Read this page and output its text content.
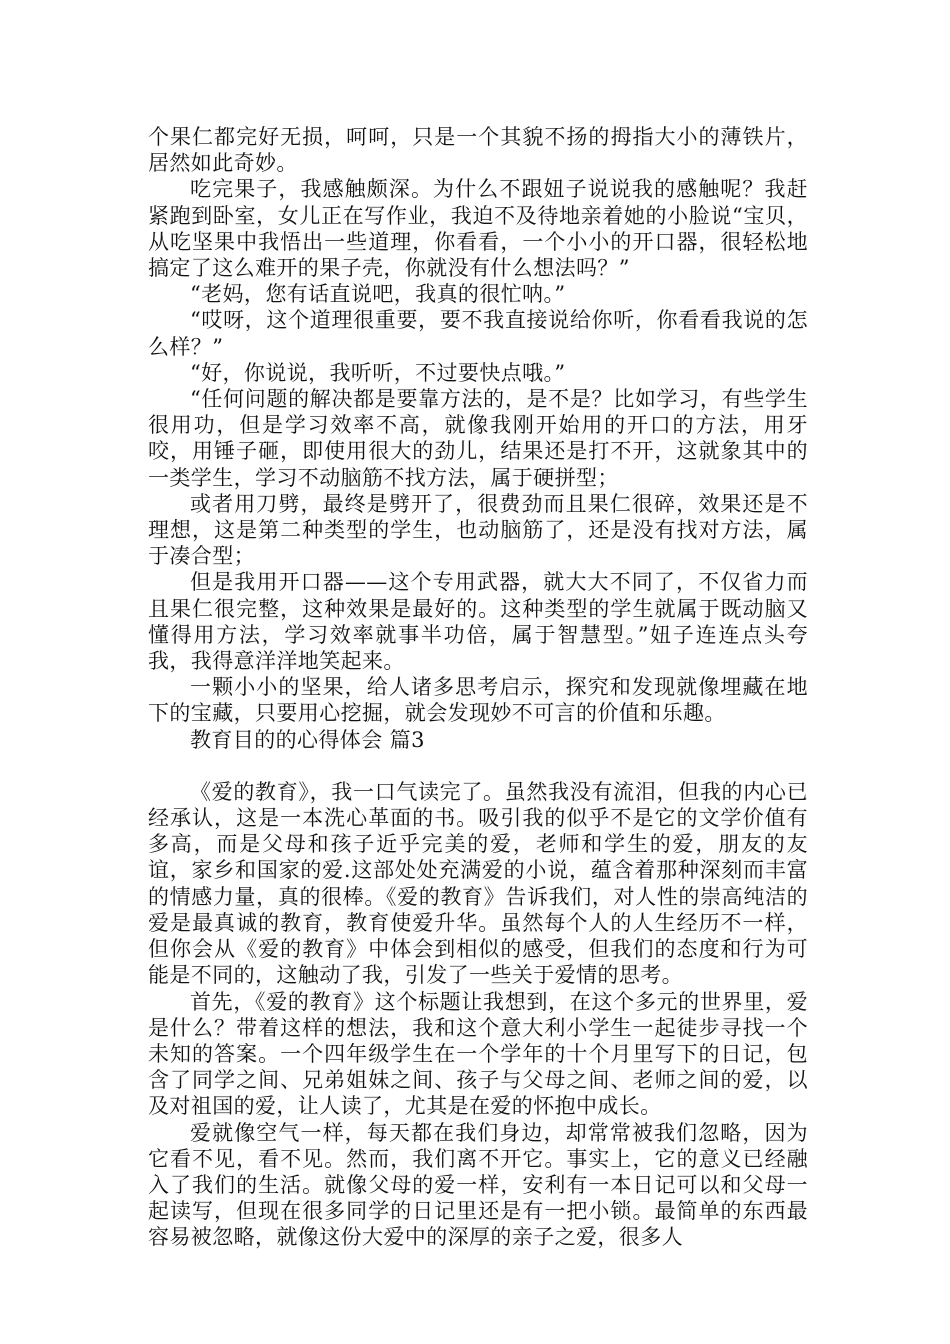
个果仁都完好无损，呵呵，只是一个其貌不扬的拇指大小的薄铁片，居然如此奇妙。

吃完果子，我感触颇深。为什么不跟妞子说说我的感触呢？我赶紧跑到卧室，女儿正在写作业，我迫不及待地亲着她的小脸说“宝贝，从吃坚果中我悟出一些道理，你看看，一个小小的开口器，很轻松地搞定了这么难开的果子壳，你就没有什么想法吗？”

“老妈，您有话直说吧，我真的很忙呐。”

“哎呀，这个道理很重要，要不我直接说给你听，你看看我说的怎么样？”

“好，你说说，我听听，不过要快点哦。”

“任何问题的解决都是要靠方法的，是不是？比如学习，有些学生很用功，但是学习效率不高，就像我刚开始用的开口的方法，用牙咬，用锤子砸，即使用很大的劲儿，结果还是打不开，这就象其中的一类学生，学习不动脑筋不找方法，属于硬拼型；

或者用刀劈，最终是劈开了，很费劲而且果仁很碎，效果还是不理想，这是第二种类型的学生，也动脑筋了，还是没有找对方法，属于凑合型；

但是我用开口器——这个专用武器，就大大不同了，不仅省力而且果仁很完整，这种效果是最好的。这种类型的学生就属于既动脑又懂得用方法，学习效率就事半功倍，属于智慧型。”妞子连连点头夸我，我得意洋洋地笑起来。

一颗小小的坚果，给人诸多思考启示，探究和发现就像埋藏在地下的宝藏，只要用心挖掘，就会发现妙不可言的价值和乐趣。

教育目的的心得体会 篇3

《爱的教育》，我一口气读完了。虽然我没有流泪，但我的内心已经承认，这是一本洗心革面的书。吸引我的似乎不是它的文学价值有多高，而是父母和孩子近乎完美的爱，老师和学生的爱，朋友的友谊，家乡和国家的爱.这部处处充满爱的小说，蕴含着那种深刻而丰富的情感力量，真的很棒。《爱的教育》告诉我们，对人性的崇高纯洁的爱是最真诚的教育，教育使爱升华。虽然每个人的人生经历不一样，但你会从《爱的教育》中体会到相似的感受，但我们的态度和行为可能是不同的，这触动了我，引发了一些关于爱情的思考。

首先，《爱的教育》这个标题让我想到，在这个多元的世界里，爱是什么？带着这样的想法，我和这个意大利小学生一起徒步寻找一个未知的答案。一个四年级学生在一个学年的十个月里写下的日记，包含了同学之间、兄弟姐妹之间、孩子与父母之间、老师之间的爱，以及对祖国的爱，让人读了，尤其是在爱的怀抱中成长。

爱就像空气一样，每天都在我们身边，却常常被我们忽略，因为它看不见，看不见。然而，我们离不开它。事实上，它的意义已经融入了我们的生活。就像父母的爱一样，安利有一本日记可以和父母一起读写，但现在很多同学的日记里还是有一把小锁。最简单的东西最容易被忽略，就像这份大爱中的深厚的亲子之爱，很多人
